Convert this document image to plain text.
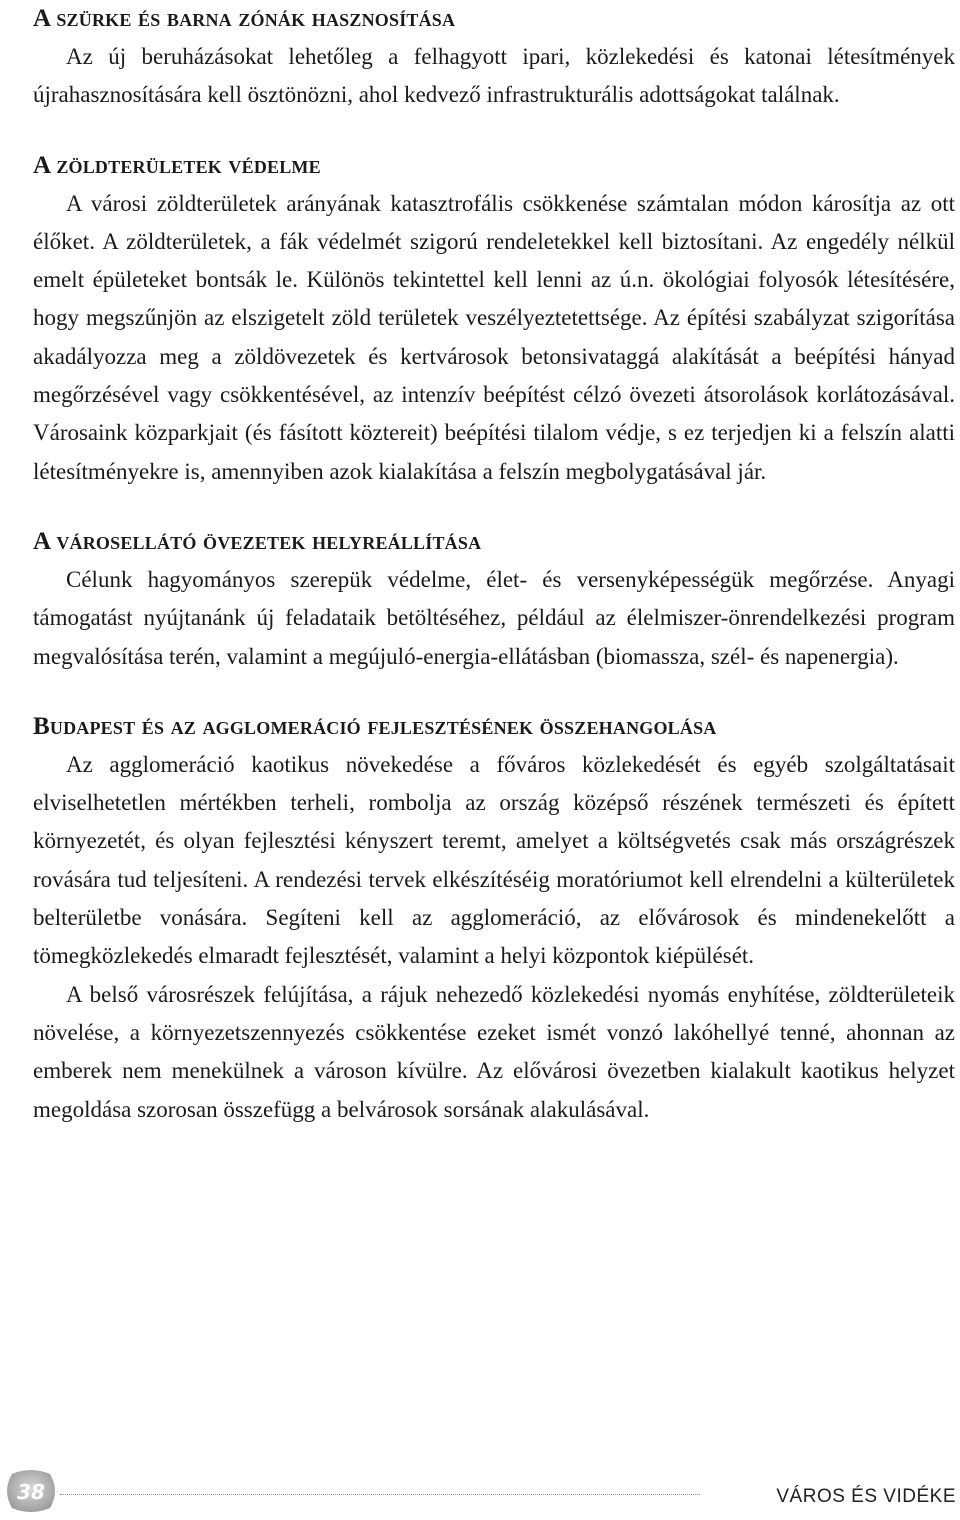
A szürke és barna zónák hasznosítása

Az új beruházásokat lehetőleg a felhagyott ipari, közlekedési és katonai létesítmények újrahasznosítására kell ösztönözni, ahol kedvező infrastrukturális adottságokat találnak.

A zöldterületek védelme

A városi zöldterületek arányának katasztrofális csökkenése számtalan módon károsítja az ott élőket. A zöldterületek, a fák védelmét szigorú rendeletekkel kell biztosítani. Az engedély nélkül emelt épületeket bontsák le. Különös tekintettel kell lenni az ú.n. ökológiai folyosók létesítésére, hogy megszűnjön az elszigetelt zöld területek veszélyeztetettsége. Az építési szabályzat szigorítása akadályozza meg a zöldövezetek és kertvárosok betonsivataggá alakítását a beépítési hányad megőrzésével vagy csökkentésével, az intenzív beépítést célzó övezeti átsorolások korlátozásával. Városaink közparkjait (és fásított köztereit) beépítési tilalom védje, s ez terjedjen ki a felszín alatti létesítményekre is, amennyiben azok kialakítása a felszín megbolygatásával jár.

A városellátó övezetek helyreállítása

Célunk hagyományos szerepük védelme, élet- és versenyképességük megőrzése. Anyagi támogatást nyújtanánk új feladataik betöltéséhez, például az élelmiszer-önrendelkezési program megvalósítása terén, valamint a megújuló-energia-ellátásban (biomassza, szél- és napenergia).

Budapest és az agglomeráció fejlesztésének összehangolása

Az agglomeráció kaotikus növekedése a főváros közlekedését és egyéb szolgáltatásait elviselhetetlen mértékben terheli, rombolja az ország középső részének természeti és épített környezetét, és olyan fejlesztési kényszert teremt, amelyet a költségvetés csak más országrészek rovására tud teljesíteni. A rendezési tervek elkészítéséig moratóriumot kell elrendelni a külterületek belterületbe vonására. Segíteni kell az agglomeráció, az elővárosok és mindenekelőtt a tömegközlekedés elmaradt fejlesztését, valamint a helyi központok kiépülését.

A belső városrészek felújítása, a rájuk nehezedő közlekedési nyomás enyhítése, zöldterületeik növelése, a környezetszennyezés csökkentése ezeket ismét vonzó lakóhellyé tenné, ahonnan az emberek nem menekülnek a városon kívülre. Az elővárosi övezetben kialakult kaotikus helyzet megoldása szorosan összefügg a belvárosok sorsának alakulásával.

38	VÁROS ÉS VIDÉKE
